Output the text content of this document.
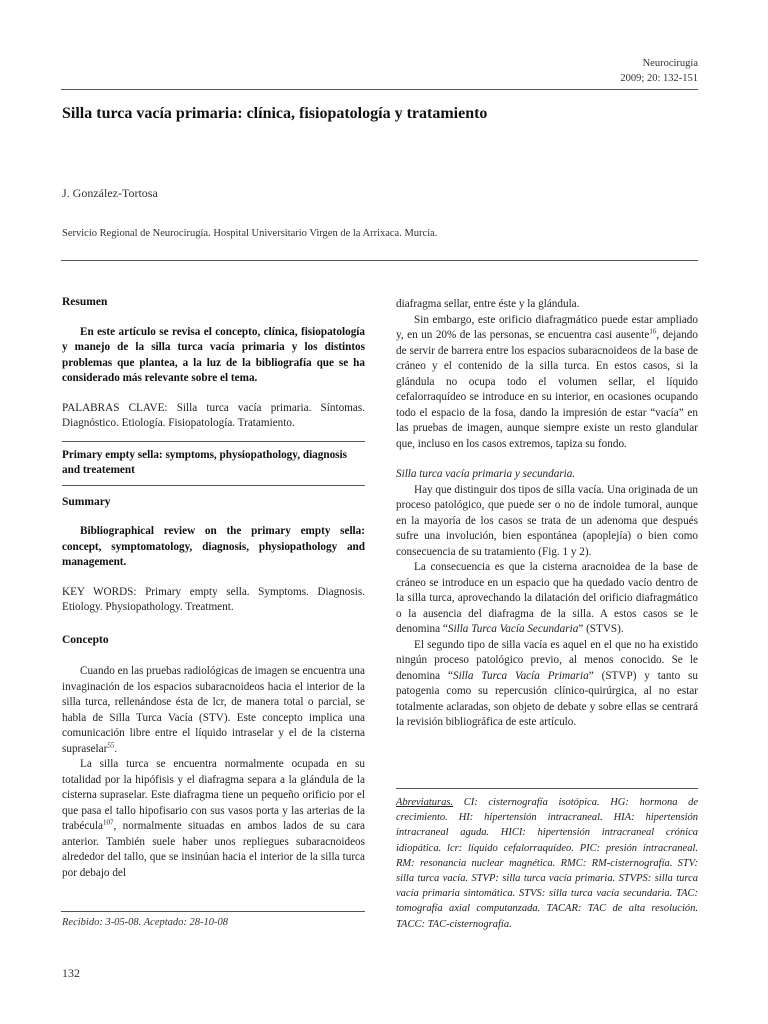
Neurocirugía
2009; 20: 132-151
Silla turca vacía primaria: clínica, fisiopatología y tratamiento
J. González-Tortosa
Servicio Regional de Neurocirugía. Hospital Universitario Virgen de la Arrixaca. Murcia.
Resumen

En este artículo se revisa el concepto, clínica, fisiopatología y manejo de la silla turca vacía primaria y los distintos problemas que plantea, a la luz de la bibliografía que se ha considerado más relevante sobre el tema.

PALABRAS CLAVE: Silla turca vacía primaria. Síntomas. Diagnóstico. Etiología. Fisiopatología. Tratamiento.

Primary empty sella: symptoms, physiopathology, diagnosis and treatement

Summary

Bibliographical review on the primary empty sella: concept, symptomatology, diagnosis, physiopathology and management.

KEY WORDS: Primary empty sella. Symptoms. Diagnosis. Etiology. Physiopathology. Treatment.

Concepto

Cuando en las pruebas radiológicas de imagen se encuentra una invaginación de los espacios subaracnoideos hacia el interior de la silla turca, rellenándose ésta de lcr, de manera total o parcial, se habla de Silla Turca Vacía (STV). Este concepto implica una comunicación libre entre el líquido intraselar y el de la cisterna supraselar$^{55}$.

La silla turca se encuentra normalmente ocupada en su totalidad por la hipófisis y el diafragma separa a la glándula de la cisterna supraselar. Este diafragma tiene un pequeño orificio por el que pasa el tallo hipofisario con sus vasos porta y las arterias de la trabécula$^{107}$, normalmente situadas en ambos lados de su cara anterior. También suele haber unos repliegues subaracnoideos alrededor del tallo, que se insinúan hacia el interior de la silla turca por debajo del

diafragma sellar, entre éste y la glándula.

Sin embargo, este orificio diafragmático puede estar ampliado y, en un 20% de las personas, se encuentra casi ausente$^{16}$, dejando de servir de barrera entre los espacios subaracnoideos de la base de cráneo y el contenido de la silla turca. En estos casos, si la glándula no ocupa todo el volumen sellar, el líquido cefalorraquídeo se introduce en su interior, en ocasiones ocupando todo el espacio de la fosa, dando la impresión de estar “vacía” en las pruebas de imagen, aunque siempre existe un resto glandular que, incluso en los casos extremos, tapiza su fondo.

Silla turca vacía primaria y secundaria.

Hay que distinguir dos tipos de silla vacía. Una originada de un proceso patológico, que puede ser o no de índole tumoral, aunque en la mayoría de los casos se trata de un adenoma que después sufre una involución, bien espontánea (apoplejía) o bien como consecuencia de su tratamiento (Fig. 1 y 2).

La consecuencia es que la cisterna aracnoidea de la base de cráneo se introduce en un espacio que ha quedado vacío dentro de la silla turca, aprovechando la dilatación del orificio diafragmático o la ausencia del diafragma de la silla. A estos casos se le denomina “Silla Turca Vacía Secundaria” (STVS).

El segundo tipo de silla vacía es aquel en el que no ha existido ningún proceso patológico previo, al menos conocido. Se le denomina “Silla Turca Vacía Primaria” (STVP) y tanto su patogenia como su repercusión clínico-quirúrgica, al no estar totalmente aclaradas, son objeto de debate y sobre ellas se centrará la revisión bibliográfica de este artículo.

Abreviaturas. CI: cisternografía isotópica. HG: hormona de crecimiento. HI: hipertensión intracraneal. HIA: hipertensión intracraneal aguda. HICI: hipertensión intracraneal crónica idiopática. lcr: líquido cefalorraquídeo. PIC: presión intracraneal. RM: resonancia nuclear magnética. RMC: RM-cisternografía. STV: silla turca vacía. STVP: silla turca vacía primaria. STVPS: silla turca vacía primaria sintomática. STVS: silla turca vacía secundaria. TAC: tomografía axial computanzada. TACAR: TAC de alta resolución. TACC: TAC-cisternografía.
Recibido: 3-05-08. Aceptado: 28-10-08
132
